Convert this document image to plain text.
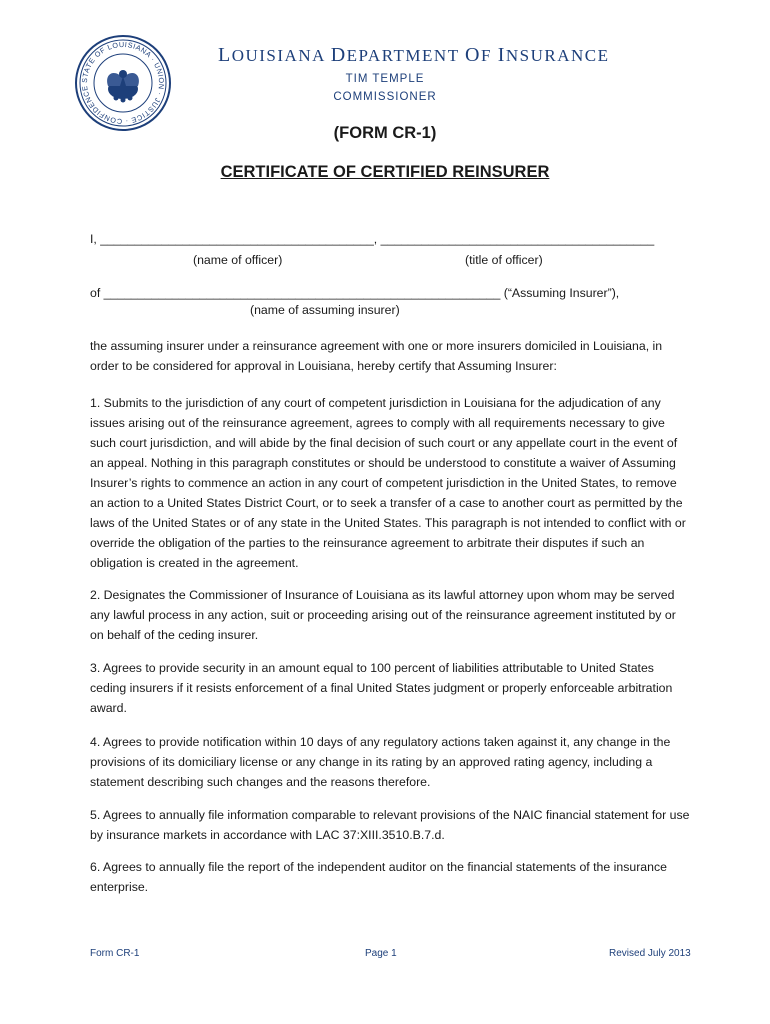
STATE OF LOUISIANA · UNION · JUSTICE · CONFIDENCE
LOUISIANA DEPARTMENT OF INSURANCE
TIM TEMPLE
COMMISSIONER
(FORM CR-1)
CERTIFICATE OF CERTIFIED REINSURER
I, ________________________________________, ________________________________________
(name of officer)	(title of officer)
of __________________________________________________________ (“Assuming Insurer”),
(name of assuming insurer)
the assuming insurer under a reinsurance agreement with one or more insurers domiciled in Louisiana, in order to be considered for approval in Louisiana, hereby certify that Assuming Insurer:
1. Submits to the jurisdiction of any court of competent jurisdiction in Louisiana for the adjudication of any issues arising out of the reinsurance agreement, agrees to comply with all requirements necessary to give such court jurisdiction, and will abide by the final decision of such court or any appellate court in the event of an appeal. Nothing in this paragraph constitutes or should be understood to constitute a waiver of Assuming Insurer’s rights to commence an action in any court of competent jurisdiction in the United States, to remove an action to a United States District Court, or to seek a transfer of a case to another court as permitted by the laws of the United States or of any state in the United States. This paragraph is not intended to conflict with or override the obligation of the parties to the reinsurance agreement to arbitrate their disputes if such an obligation is created in the agreement.
2. Designates the Commissioner of Insurance of Louisiana as its lawful attorney upon whom may be served any lawful process in any action, suit or proceeding arising out of the reinsurance agreement instituted by or on behalf of the ceding insurer.
3. Agrees to provide security in an amount equal to 100 percent of liabilities attributable to United States ceding insurers if it resists enforcement of a final United States judgment or properly enforceable arbitration award.
4. Agrees to provide notification within 10 days of any regulatory actions taken against it, any change in the provisions of its domiciliary license or any change in its rating by an approved rating agency, including a statement describing such changes and the reasons therefore.
5. Agrees to annually file information comparable to relevant provisions of the NAIC financial statement for use by insurance markets in accordance with LAC 37:XIII.3510.B.7.d.
6. Agrees to annually file the report of the independent auditor on the financial statements of the insurance enterprise.
Form CR-1	Page 1	Revised July 2013
